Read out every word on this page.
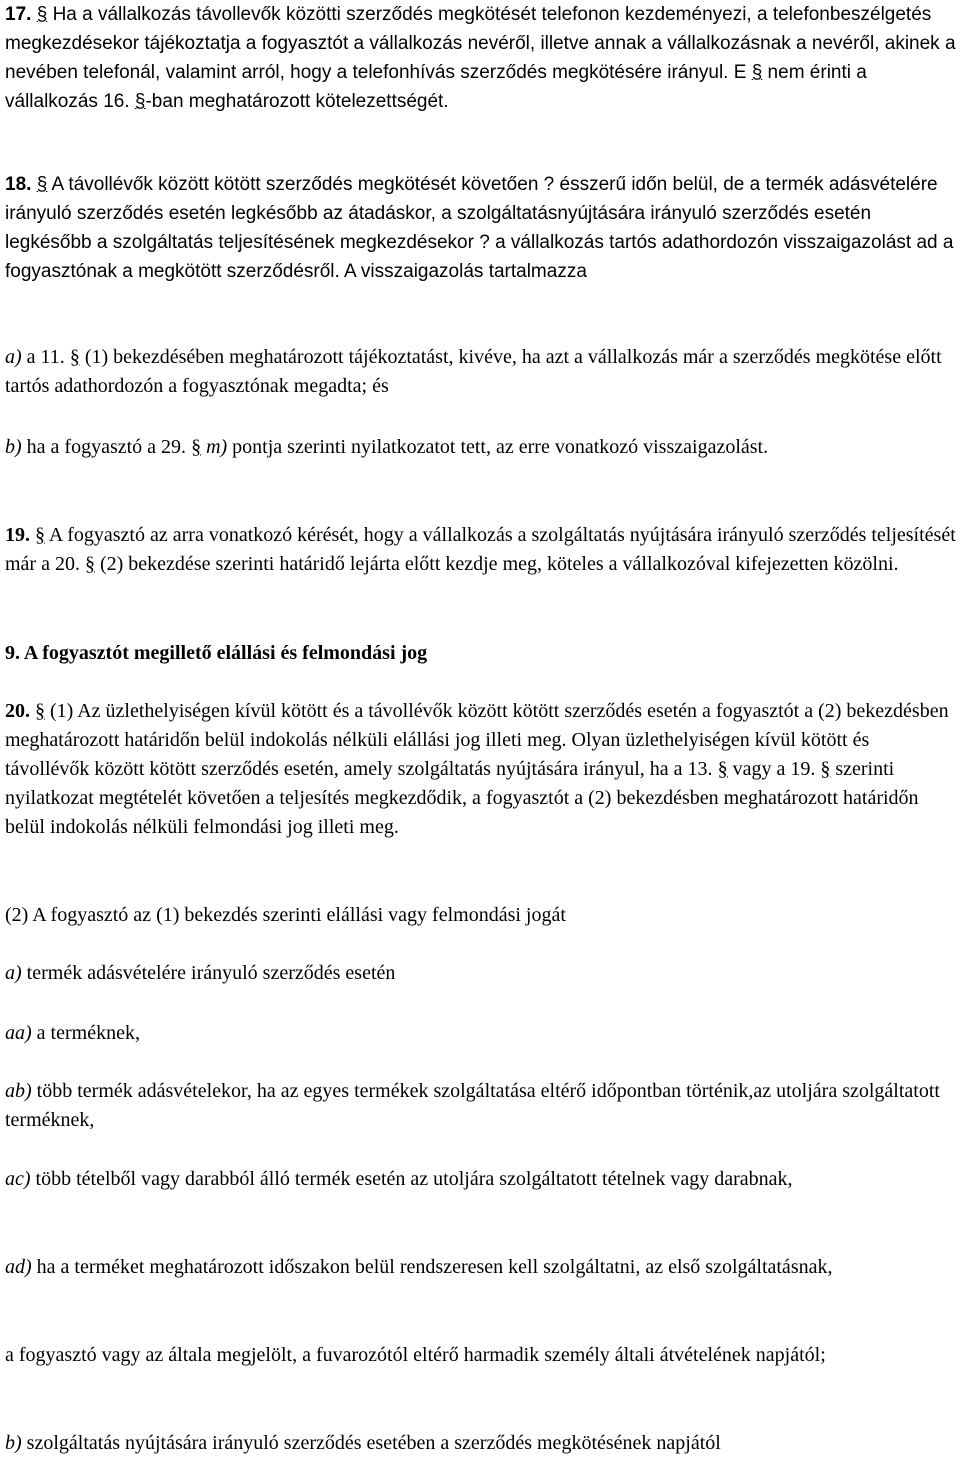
17. § Ha a vállalkozás távollevők közötti szerződés megkötését telefonon kezdeményezi, a telefonbeszélgetés megkezdésekor tájékoztatja a fogyasztót a vállalkozás nevéről, illetve annak a vállalkozásnak a nevéről, akinek a nevében telefonál, valamint arról, hogy a telefonhívás szerződés megkötésére irányul. E § nem érinti a vállalkozás 16. §-ban meghatározott kötelezettségét.
18. § A távollévők között kötött szerződés megkötését követően ? ésszerű időn belül, de a termék adásvételére irányuló szerződés esetén legkésőbb az átadáskor, a szolgáltatásnyújtására irányuló szerződés esetén legkésőbb a szolgáltatás teljesítésének megkezdésekor ? a vállalkozás tartós adathordozón visszaigazolást ad a fogyasztónak a megkötött szerződésről. A visszaigazolás tartalmazza
a) a 11. § (1) bekezdésében meghatározott tájékoztatást, kivéve, ha azt a vállalkozás már a szerződés megkötése előtt tartós adathordozón a fogyasztónak megadta; és
b) ha a fogyasztó a 29. § m) pontja szerinti nyilatkozatot tett, az erre vonatkozó visszaigazolást.
19. § A fogyasztó az arra vonatkozó kérését, hogy a vállalkozás a szolgáltatás nyújtására irányuló szerződés teljesítését már a 20. § (2) bekezdése szerinti határidő lejárta előtt kezdje meg, köteles a vállalkozóval kifejezetten közölni.
9. A fogyasztót megillető elállási és felmondási jog
20. § (1) Az üzlethelyiségen kívül kötött és a távollévők között kötött szerződés esetén a fogyasztót a (2) bekezdésben meghatározott határidőn belül indokolás nélküli elállási jog illeti meg. Olyan üzlethelyiségen kívül kötött és távollévők között kötött szerződés esetén, amely szolgáltatás nyújtására irányul, ha a 13. § vagy a 19. § szerinti nyilatkozat megtételét követően a teljesítés megkezdődik, a fogyasztót a (2) bekezdésben meghatározott határidőn belül indokolás nélküli felmondási jog illeti meg.
(2) A fogyasztó az (1) bekezdés szerinti elállási vagy felmondási jogát
a) termék adásvételére irányuló szerződés esetén
aa) a terméknek,
ab) több termék adásvételekor, ha az egyes termékek szolgáltatása eltérő időpontban történik,az utoljára szolgáltatott terméknek,
ac) több tételből vagy darabból álló termék esetén az utoljára szolgáltatott tételnek vagy darabnak,
ad) ha a terméket meghatározott időszakon belül rendszeresen kell szolgáltatni, az első szolgáltatásnak,
a fogyasztó vagy az általa megjelölt, a fuvarozótól eltérő harmadik személy általi átvételének napjától;
b) szolgáltatás nyújtására irányuló szerződés esetében a szerződés megkötésének napjától
